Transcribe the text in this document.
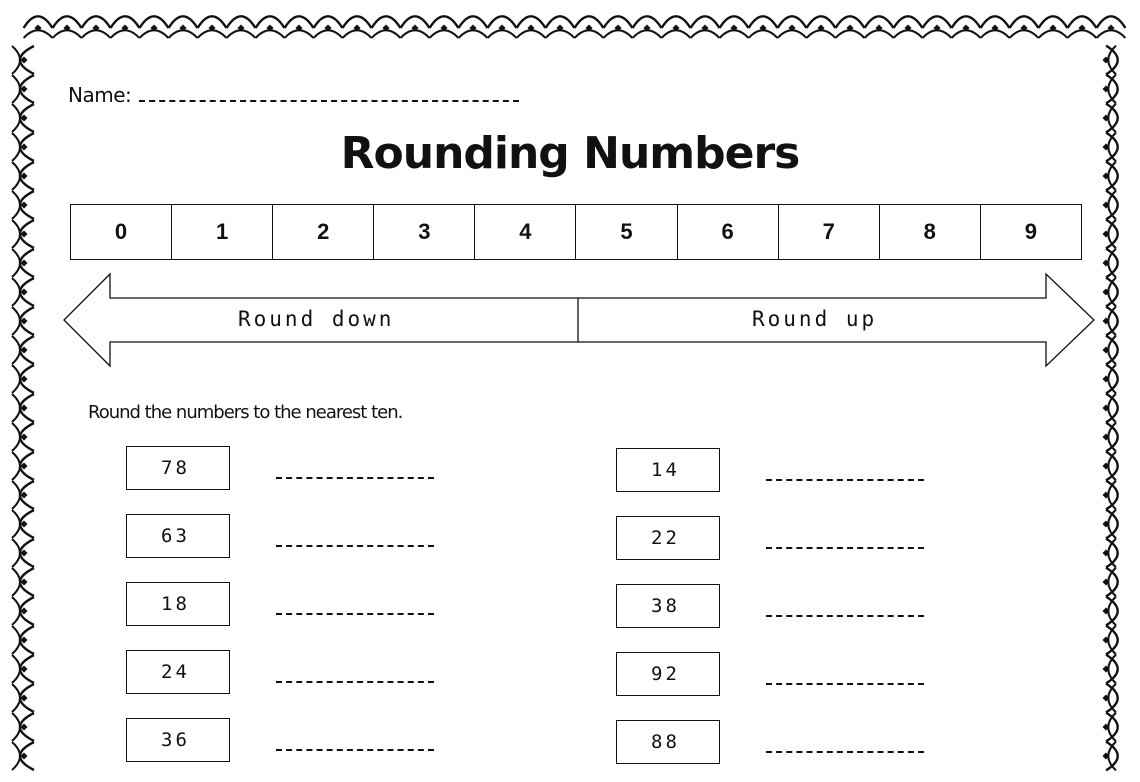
Name:
Rounding Numbers
0	1	2	3	4	5	6	7	8	9
Round down	Round up
Round the numbers to the nearest ten.
78
63
18
24
36
14
22
38
92
88
